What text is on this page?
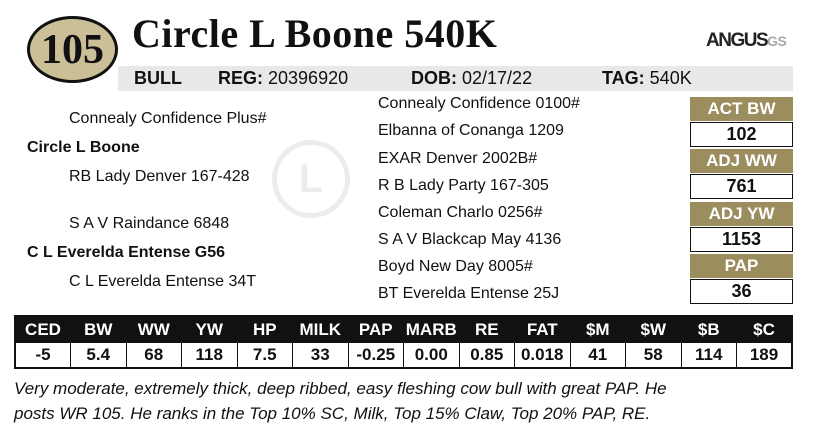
105 Circle L Boone 540K	ANGUSGS
BULL REG: 20396920	DOB: 02/17/22	TAG: 540K
L
Connealy Confidence Plus#
Circle L Boone
RB Lady Denver 167-428
S A V Raindance 6848
C L Everelda Entense G56
C L Everelda Entense 34T
Connealy Confidence 0100#
Elbanna of Conanga 1209
EXAR Denver 2002B#
R B Lady Party 167-305
Coleman Charlo 0256#
S A V Blackcap May 4136
Boyd New Day 8005#
BT Everelda Entense 25J
ACT BW
102
ADJ WW
761
ADJ YW
1153
PAP
36
CED	BW	WW	YW	HP	MILK	PAP	MARB	RE	FAT	$M	$W	$B	$C
-5	5.4	68	118	7.5	33	-0.25	0.00	0.85	0.018	41	58	114	189
Very moderate, extremely thick, deep ribbed, easy fleshing cow bull with great PAP. He
posts WR 105. He ranks in the Top 10% SC, Milk, Top 15% Claw, Top 20% PAP, RE.
